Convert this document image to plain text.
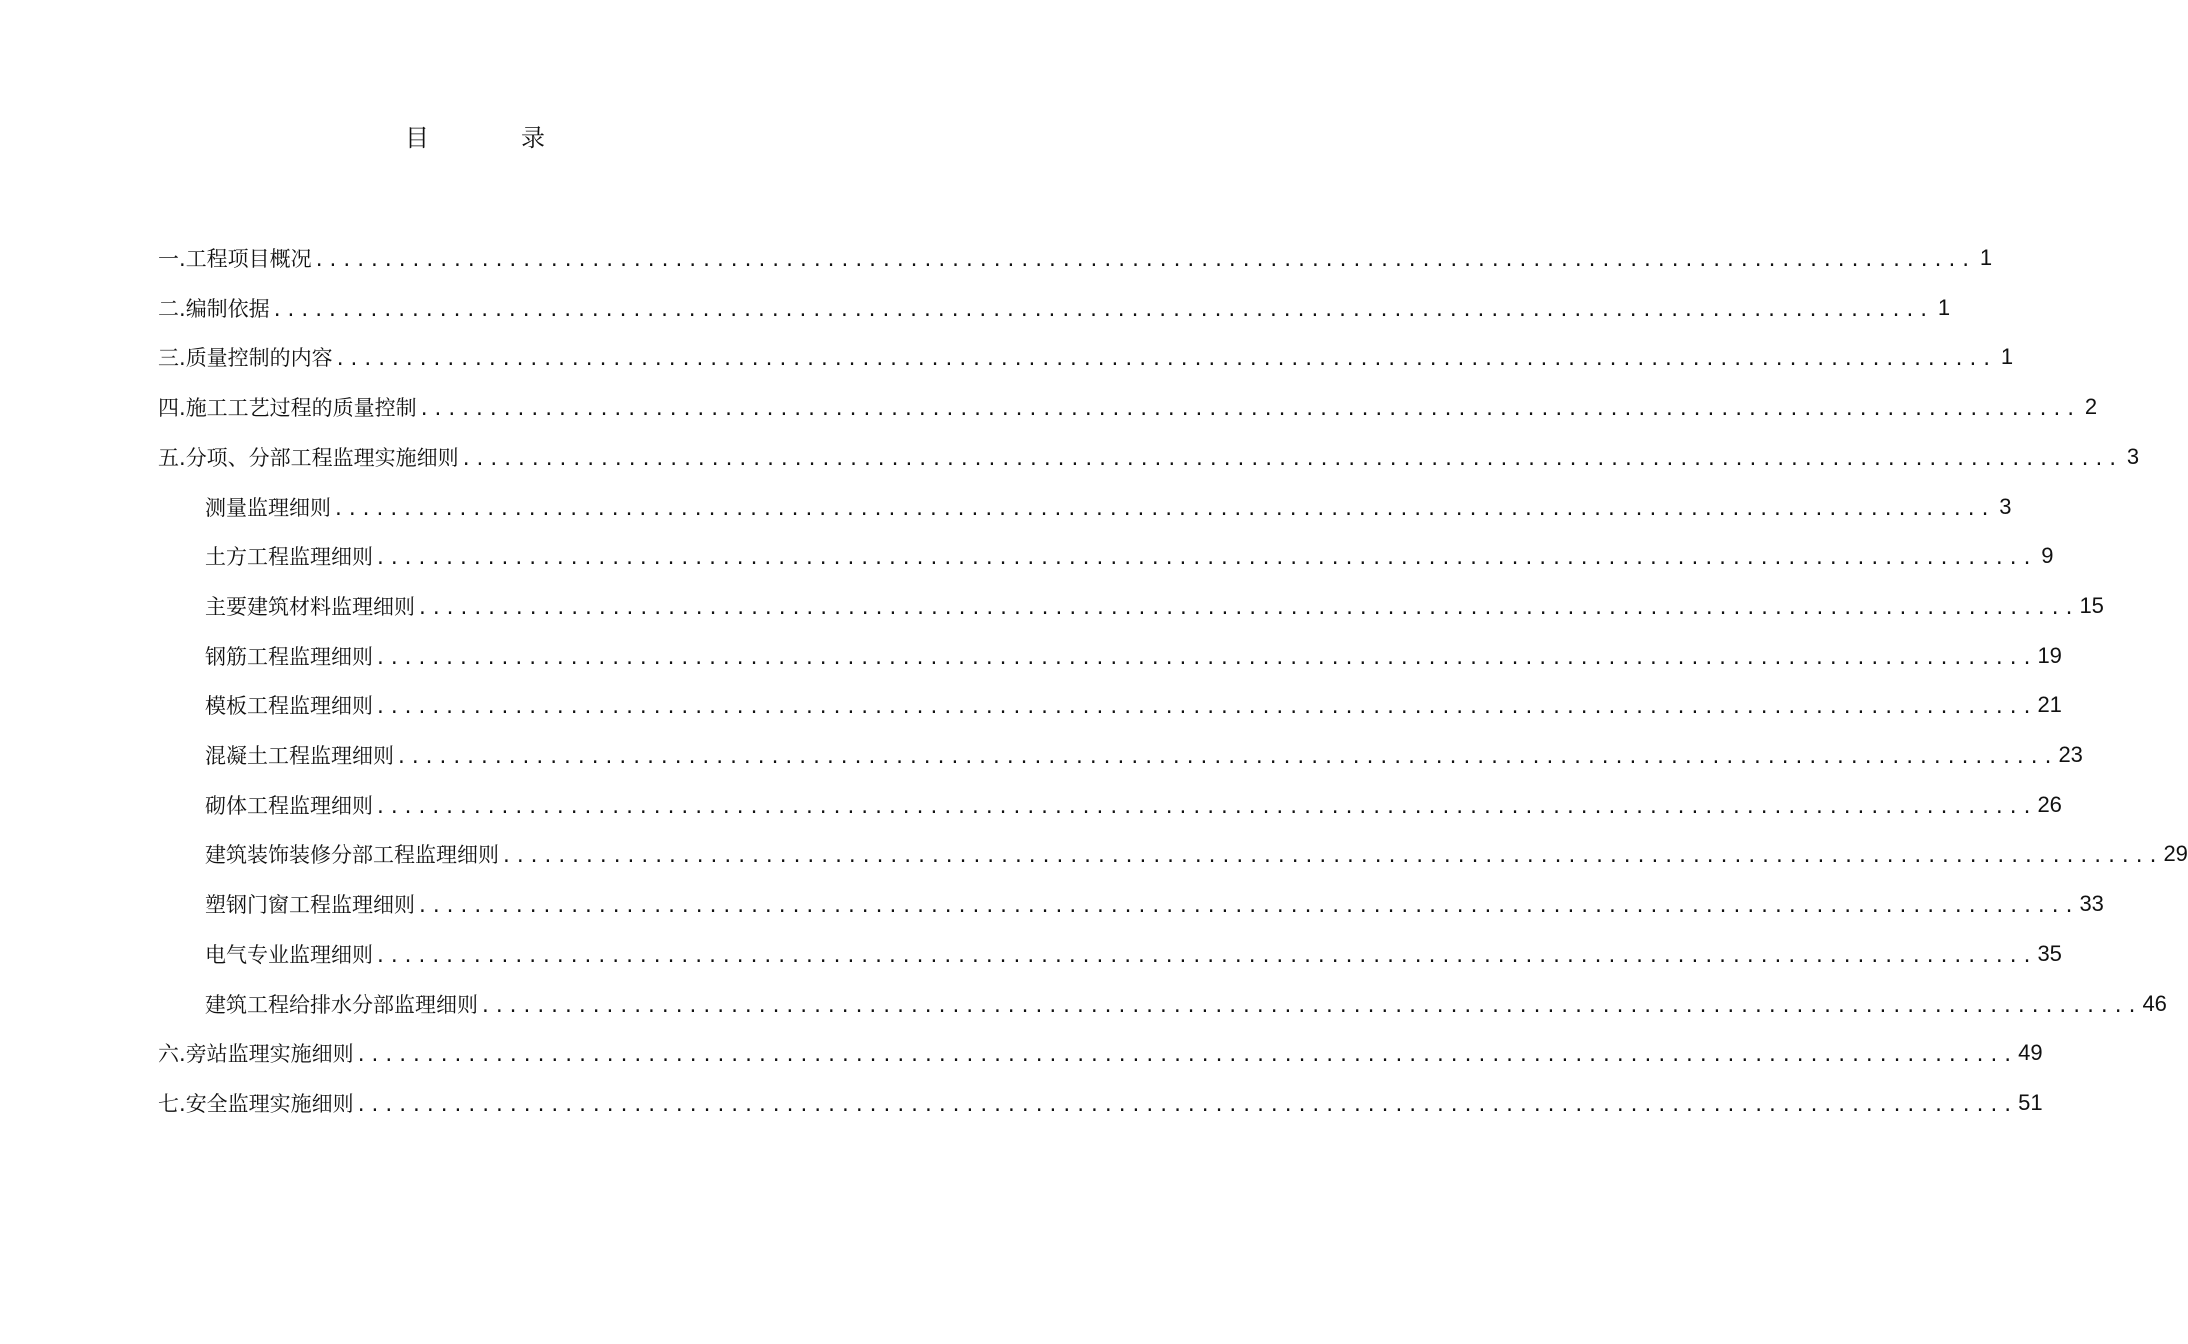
目	录
一. 工程项目概况 ........................................................................................................................ 1
二. 编制依据 ........................................................................................................................ 1
三. 质量控制的内容 ........................................................................................................................ 1
四. 施工工艺过程的质量控制 ........................................................................................................................ 2
五. 分项、分部工程监理实施细则 ........................................................................................................................ 3
测量监理细则 ........................................................................................................................ 3
土方工程监理细则 ........................................................................................................................ 9
主要建筑材料监理细则 ........................................................................................................................ 15
钢筋工程监理细则 ........................................................................................................................ 19
模板工程监理细则 ........................................................................................................................ 21
混凝土工程监理细则 ........................................................................................................................ 23
砌体工程监理细则 ........................................................................................................................ 26
建筑装饰装修分部工程监理细则 ........................................................................................................................ 29
塑钢门窗工程监理细则 ........................................................................................................................ 33
电气专业监理细则 ........................................................................................................................ 35
建筑工程给排水分部监理细则 ........................................................................................................................ 46
六. 旁站监理实施细则 ........................................................................................................................ 49
七. 安全监理实施细则 ........................................................................................................................ 51
